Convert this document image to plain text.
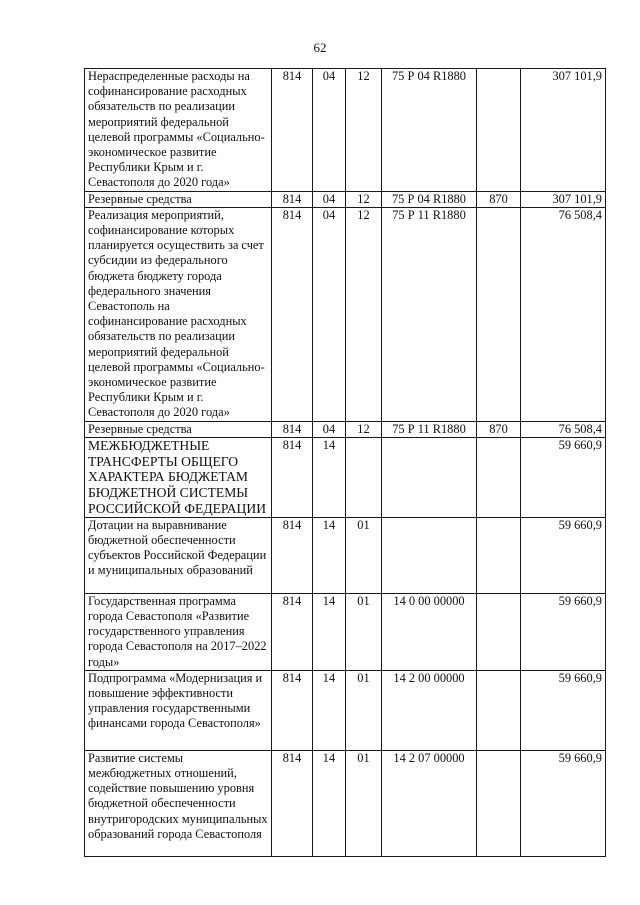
62
Нераспределенные расходы на софинансирование расходных обязательств по реализации мероприятий федеральной целевой программы «Социально-экономическое развитие Республики Крым и г. Севастополя до 2020 года»	814	04	12	75 Р 04 R1880		307 101,9
Резервные средства	814	04	12	75 Р 04 R1880	870	307 101,9
Реализация мероприятий, софинансирование которых планируется осуществить за счет субсидии из федерального бюджета бюджету города федерального значения Севастополь на софинансирование расходных обязательств по реализации мероприятий федеральной целевой программы «Социально-экономическое развитие Республики Крым и г. Севастополя до 2020 года»	814	04	12	75 Р 11 R1880		76 508,4
Резервные средства	814	04	12	75 Р 11 R1880	870	76 508,4
МЕЖБЮДЖЕТНЫЕ ТРАНСФЕРТЫ ОБЩЕГО ХАРАКТЕРА БЮДЖЕТАМ БЮДЖЕТНОЙ СИСТЕМЫ РОССИЙСКОЙ ФЕДЕРАЦИИ	814	14				59 660,9
Дотации на выравнивание бюджетной обеспеченности субъектов Российской Федерации и муниципальных образований	814	14	01			59 660,9
Государственная программа города Севастополя «Развитие государственного управления города Севастополя на 2017–2022 годы»	814	14	01	14 0 00 00000		59 660,9
Подпрограмма «Модернизация и повышение эффективности управления государственными финансами города Севастополя»	814	14	01	14 2 00 00000		59 660,9
Развитие системы межбюджетных отношений, содействие повышению уровня бюджетной обеспеченности внутригородских муниципальных образований города Севастополя	814	14	01	14 2 07 00000		59 660,9
